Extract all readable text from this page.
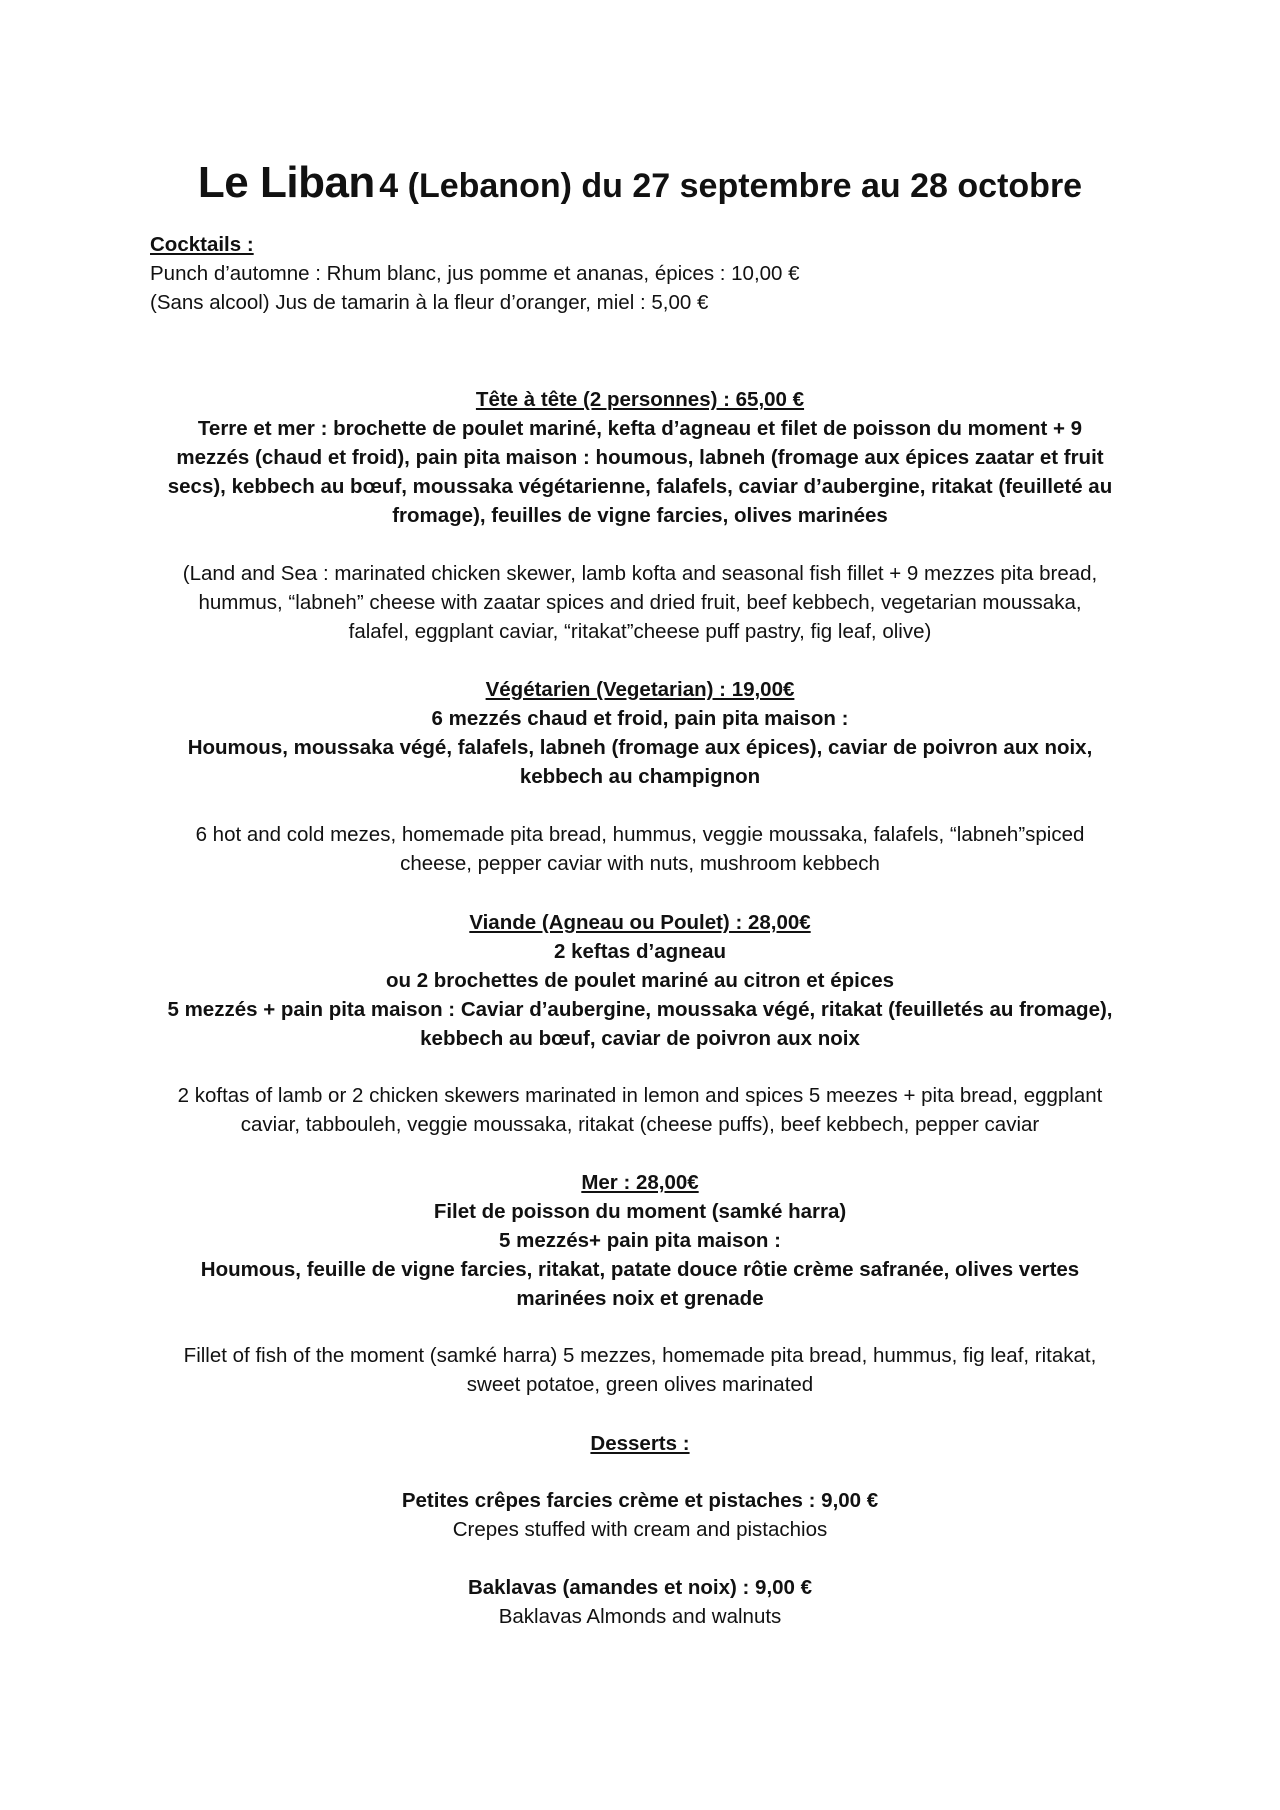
Le Liban 4 (Lebanon) du 27 septembre au 28 octobre
Cocktails :
Punch d’automne : Rhum blanc, jus pomme et ananas, épices : 10,00 €
(Sans alcool) Jus de tamarin à la fleur d’oranger, miel : 5,00 €
Tête à tête (2 personnes) : 65,00 €
Terre et mer : brochette de poulet mariné, kefta d’agneau et filet de poisson du moment + 9
mezzés (chaud et froid), pain pita maison : houmous, labneh (fromage aux épices zaatar et fruit
secs), kebbech au bœuf, moussaka végétarienne, falafels, caviar d’aubergine, ritakat (feuilleté au
fromage), feuilles de vigne farcies, olives marinées
(Land and Sea : marinated chicken skewer, lamb kofta and seasonal fish fillet + 9 mezzes pita bread,
hummus, “labneh” cheese with zaatar spices and dried fruit, beef kebbech, vegetarian moussaka,
falafel, eggplant caviar, “ritakat”cheese puff pastry, fig leaf, olive)
Végétarien (Vegetarian) : 19,00€
6 mezzés chaud et froid, pain pita maison :
Houmous, moussaka végé, falafels, labneh (fromage aux épices), caviar de poivron aux noix,
kebbech au champignon
6 hot and cold mezes, homemade pita bread, hummus, veggie moussaka, falafels, “labneh”spiced
cheese, pepper caviar with nuts, mushroom kebbech
Viande (Agneau ou Poulet) : 28,00€
2 keftas d’agneau
ou 2 brochettes de poulet mariné au citron et épices
5 mezzés + pain pita maison : Caviar d’aubergine, moussaka végé, ritakat (feuilletés au fromage),
kebbech au bœuf, caviar de poivron aux noix
2 koftas of lamb or 2 chicken skewers marinated in lemon and spices 5 meezes + pita bread, eggplant
caviar, tabbouleh, veggie moussaka, ritakat (cheese puffs), beef kebbech, pepper caviar
Mer : 28,00€
Filet de poisson du moment (samké harra)
5 mezzés+ pain pita maison :
Houmous, feuille de vigne farcies, ritakat, patate douce rôtie crème safranée, olives vertes
marinées noix et grenade
Fillet of fish of the moment (samké harra) 5 mezzes, homemade pita bread, hummus, fig leaf, ritakat,
sweet potatoe, green olives marinated
Desserts :
Petites crêpes farcies crème et pistaches : 9,00 €
Crepes stuffed with cream and pistachios
Baklavas (amandes et noix) : 9,00 €
Baklavas Almonds and walnuts
